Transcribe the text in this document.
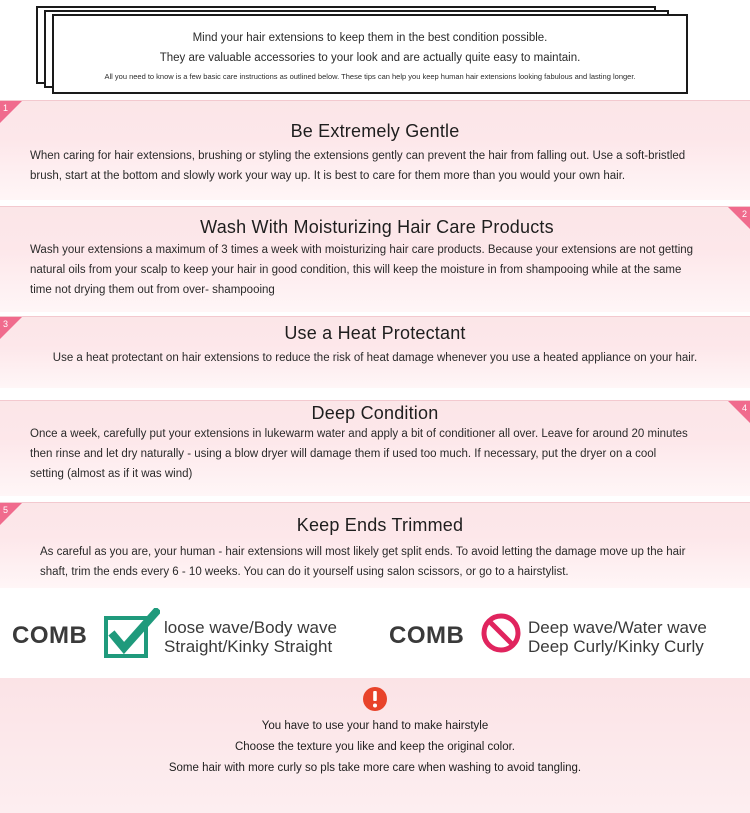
Mind your hair extensions to keep them in the best condition possible.
They are valuable accessories to your look and are actually quite easy to maintain.
All you need to know is a few basic care instructions as outlined below. These tips can help you keep human hair extensions looking fabulous and lasting longer.
1
Be Extremely Gentle

When caring for hair extensions, brushing or styling the extensions gently can prevent the hair from falling out. Use a soft-bristled

brush, start at the bottom and slowly work your way up. It is best to care for them more than you would your own hair.

2
Wash With Moisturizing Hair Care Products

Wash your extensions a maximum of 3 times a week with moisturizing hair care products. Because your extensions are not getting

natural oils from your scalp to keep your hair in good condition, this will keep the moisture in from shampooing while at the same

time not drying them out from over- shampooing

3	Use a Heat Protectant

Use a heat protectant on hair extensions to reduce the risk of heat damage whenever you use a heated appliance on your hair.

4
Deep Condition

Once a week, carefully put your extensions in lukewarm water and apply a bit of conditioner all over. Leave for around 20 minutes

then rinse and let dry naturally - using a blow dryer will damage them if used too much. If necessary, put the dryer on a cool

setting (almost as if it was wind)

5
Keep Ends Trimmed

As careful as you are, your human - hair extensions will most likely get split ends. To avoid letting the damage move up the hair

shaft, trim the ends every 6 - 10 weeks. You can do it yourself using salon scissors, or go to a hairstylist.

COMB	loose wave/Body wave
Straight/Kinky Straight COMB	Deep wave/Water wave
Deep Curly/Kinky Curly
You have to use your hand to make hairstyle
Choose the texture you like and keep the original color.
Some hair with more curly so pls take more care when washing to avoid tangling.
